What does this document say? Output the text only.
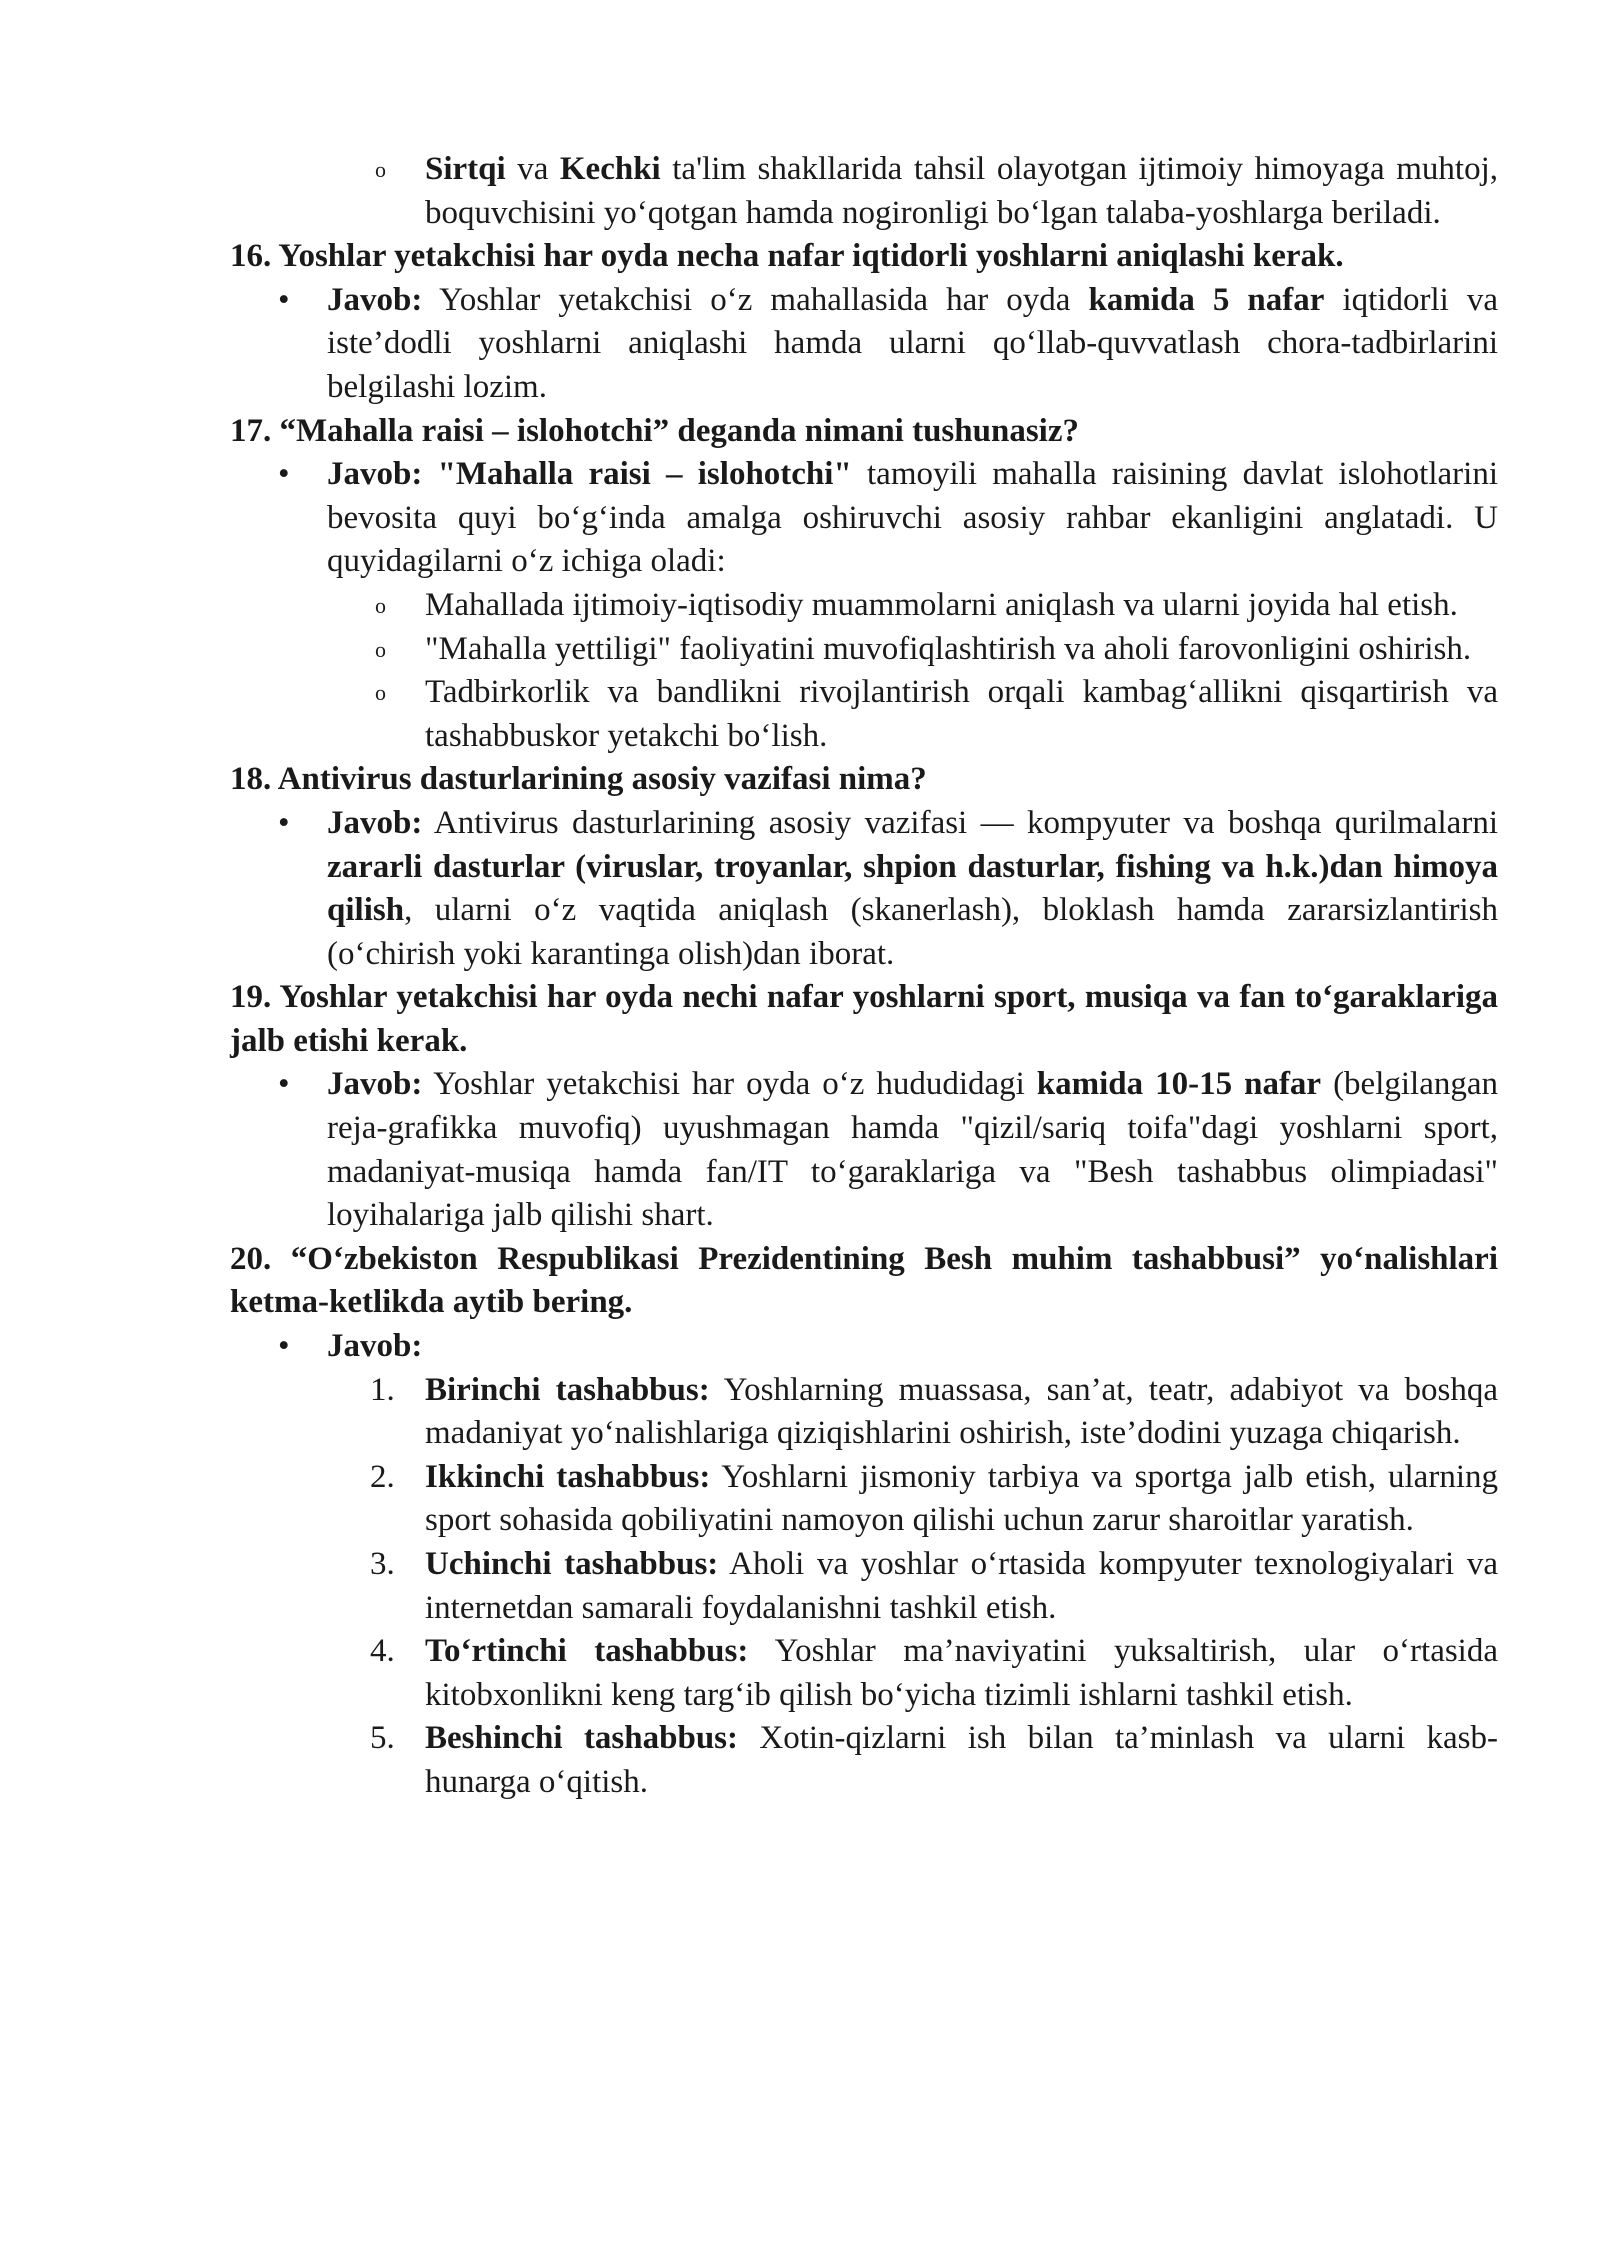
o Sirtqi va Kechki ta'lim shakllarida tahsil olayotgan ijtimoiy himoyaga muhtoj, boquvchisini yo‘qotgan hamda nogironligi bo‘lgan talaba-yoshlarga beriladi.

16. Yoshlar yetakchisi har oyda necha nafar iqtidorli yoshlarni aniqlashi kerak.

• Javob: Yoshlar yetakchisi o‘z mahallasida har oyda kamida 5 nafar iqtidorli va iste’dodli yoshlarni aniqlashi hamda ularni qo‘llab-quvvatlash chora-tadbirlarini belgilashi lozim.

17. “Mahalla raisi – islohotchi” deganda nimani tushunasiz?

• Javob: "Mahalla raisi – islohotchi" tamoyili mahalla raisining davlat islohotlarini bevosita quyi bo‘g‘inda amalga oshiruvchi asosiy rahbar ekanligini anglatadi. U quyidagilarni o‘z ichiga oladi:

o Mahallada ijtimoiy-iqtisodiy muammolarni aniqlash va ularni joyida hal etish.

o "Mahalla yettiligi" faoliyatini muvofiqlashtirish va aholi farovonligini oshirish.

o Tadbirkorlik va bandlikni rivojlantirish orqali kambag‘allikni qisqartirish va tashabbuskor yetakchi bo‘lish.

18. Antivirus dasturlarining asosiy vazifasi nima?

• Javob: Antivirus dasturlarining asosiy vazifasi — kompyuter va boshqa qurilmalarni zararli dasturlar (viruslar, troyanlar, shpion dasturlar, fishing va h.k.)dan himoya qilish, ularni o‘z vaqtida aniqlash (skanerlash), bloklash hamda zararsizlantirish (o‘chirish yoki karantinga olish)dan iborat.

19. Yoshlar yetakchisi har oyda nechi nafar yoshlarni sport, musiqa va fan to‘garaklariga jalb etishi kerak.

• Javob: Yoshlar yetakchisi har oyda o‘z hududidagi kamida 10-15 nafar (belgilangan reja-grafikka muvofiq) uyushmagan hamda "qizil/sariq toifa"dagi yoshlarni sport, madaniyat-musiqa hamda fan/IT to‘garaklariga va "Besh tashabbus olimpiadasi" loyihalariga jalb qilishi shart.

20. “O‘zbekiston Respublikasi Prezidentining Besh muhim tashabbusi” yo‘nalishlari ketma-ketlikda aytib bering.

• Javob:

1. Birinchi tashabbus: Yoshlarning muassasa, san’at, teatr, adabiyot va boshqa madaniyat yo‘nalishlariga qiziqishlarini oshirish, iste’dodini yuzaga chiqarish.

2. Ikkinchi tashabbus: Yoshlarni jismoniy tarbiya va sportga jalb etish, ularning sport sohasida qobiliyatini namoyon qilishi uchun zarur sharoitlar yaratish.

3. Uchinchi tashabbus: Aholi va yoshlar o‘rtasida kompyuter texnologiyalari va internetdan samarali foydalanishni tashkil etish.

4. To‘rtinchi tashabbus: Yoshlar ma’naviyatini yuksaltirish, ular o‘rtasida kitobxonlikni keng targ‘ib qilish bo‘yicha tizimli ishlarni tashkil etish.

5. Beshinchi tashabbus: Xotin-qizlarni ish bilan ta’minlash va ularni kasb-hunarga o‘qitish.
